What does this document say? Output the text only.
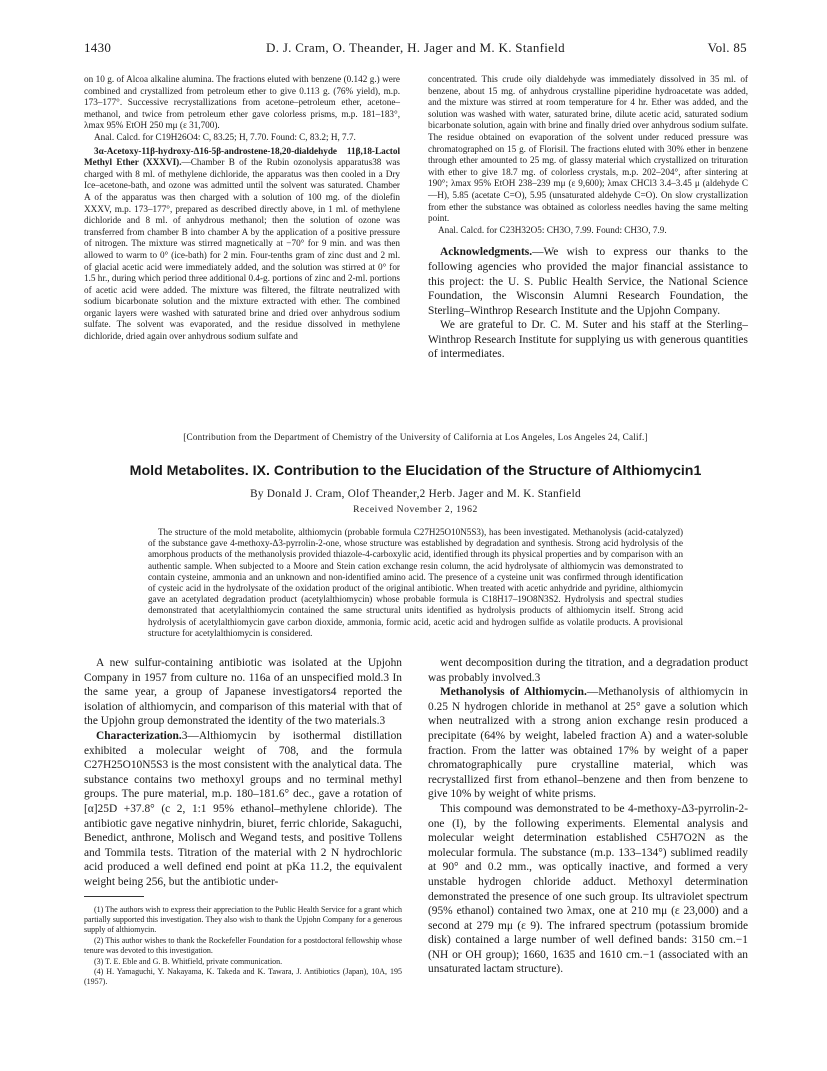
1430	D. J. Cram, O. Theander, H. Jager and M. K. Stanfield	Vol. 85

on 10 g. of Alcoa alkaline alumina. The fractions eluted with benzene (0.142 g.) were combined and crystallized from petroleum ether to give 0.113 g. (76% yield), m.p. 173–177°. Successive recrystallizations from acetone–petroleum ether, acetone–methanol, and twice from petroleum ether gave colorless prisms, m.p. 181–183°, λmax 95% EtOH 250 mμ (ε 31,700).

Anal. Calcd. for C19H26O4: C, 83.25; H, 7.70. Found: C, 83.2; H, 7.7.

3α-Acetoxy-11β-hydroxy-Δ16-5β-androstene-18,20-dialdehyde 11β,18-Lactol Methyl Ether (XXXVI).—Chamber B of the Rubin ozonolysis apparatus38 was charged with 8 ml. of methylene dichloride, the apparatus was then cooled in a Dry Ice–acetone-bath, and ozone was admitted until the solvent was saturated. Chamber A of the apparatus was then charged with a solution of 100 mg. of the diolefin XXXV, m.p. 173–177°, prepared as described directly above, in 1 ml. of methylene dichloride and 8 ml. of anhydrous methanol; then the solution of ozone was transferred from chamber B into chamber A by the application of a positive pressure of nitrogen. The mixture was stirred magnetically at −70° for 9 min. and was then allowed to warm to 0° (ice-bath) for 2 min. Four-tenths gram of zinc dust and 2 ml. of glacial acetic acid were immediately added, and the solution was stirred at 0° for 1.5 hr., during which period three additional 0.4-g. portions of zinc and 2-ml. portions of acetic acid were added. The mixture was filtered, the filtrate neutralized with sodium bicarbonate solution and the mixture extracted with ether. The combined organic layers were washed with saturated brine and dried over anhydrous sodium sulfate. The solvent was evaporated, and the residue dissolved in methylene dichloride, dried again over anhydrous sodium sulfate and

concentrated. This crude oily dialdehyde was immediately dissolved in 35 ml. of benzene, about 15 mg. of anhydrous crystalline piperidine hydroacetate was added, and the mixture was stirred at room temperature for 4 hr. Ether was added, and the solution was washed with water, saturated brine, dilute acetic acid, saturated sodium bicarbonate solution, again with brine and finally dried over anhydrous sodium sulfate. The residue obtained on evaporation of the solvent under reduced pressure was chromatographed on 15 g. of Florisil. The fractions eluted with 30% ether in benzene through ether amounted to 25 mg. of glassy material which crystallized on trituration with ether to give 18.7 mg. of colorless crystals, m.p. 202–204°, after sintering at 190°; λmax 95% EtOH 238–239 mμ (ε 9,600); λmax CHCl3 3.4–3.45 μ (aldehyde C—H), 5.85 (acetate C=O), 5.95 (unsaturated aldehyde C=O). On slow crystallization from ether the substance was obtained as colorless needles having the same melting point.

Anal. Calcd. for C23H32O5: CH3O, 7.99. Found: CH3O, 7.9.

Acknowledgments.—We wish to express our thanks to the following agencies who provided the major financial assistance to this project: the U. S. Public Health Service, the National Science Foundation, the Wisconsin Alumni Research Foundation, the Sterling–Winthrop Research Institute and the Upjohn Company.

We are grateful to Dr. C. M. Suter and his staff at the Sterling–Winthrop Research Institute for supplying us with generous quantities of intermediates.

[Contribution from the Department of Chemistry of the University of California at Los Angeles, Los Angeles 24, Calif.]
Mold Metabolites. IX. Contribution to the Elucidation of the Structure of Althiomycin1
By Donald J. Cram, Olof Theander,2 Herb. Jager and M. K. Stanfield
Received November 2, 1962
The structure of the mold metabolite, althiomycin (probable formula C27H25O10N5S3), has been investigated. Methanolysis (acid-catalyzed) of the substance gave 4-methoxy-Δ3-pyrrolin-2-one, whose structure was established by degradation and synthesis. Strong acid hydrolysis of the amorphous products of the methanolysis provided thiazole-4-carboxylic acid, identified through its physical properties and by comparison with an authentic sample. When subjected to a Moore and Stein cation exchange resin column, the acid hydrolysate of althiomycin was demonstrated to contain cysteine, ammonia and an unknown and non-identified amino acid. The presence of a cysteine unit was confirmed through identification of cysteic acid in the hydrolysate of the oxidation product of the original antibiotic. When treated with acetic anhydride and pyridine, althiomycin gave an acetylated degradation product (acetylalthiomycin) whose probable formula is C18H17–19O8N3S2. Hydrolysis and spectral studies demonstrated that acetylalthiomycin contained the same structural units identified as hydrolysis products of althiomycin itself. Strong acid hydrolysis of acetylalthiomycin gave carbon dioxide, ammonia, formic acid, acetic acid and hydrogen sulfide as volatile products. A provisional structure for acetylalthiomycin is considered.

A new sulfur-containing antibiotic was isolated at the Upjohn Company in 1957 from culture no. 116a of an unspecified mold.3 In the same year, a group of Japanese investigators4 reported the isolation of althiomycin, and comparison of this material with that of the Upjohn group demonstrated the identity of the two materials.3

Characterization.3—Althiomycin by isothermal distillation exhibited a molecular weight of 708, and the formula C27H25O10N5S3 is the most consistent with the analytical data. The substance contains two methoxyl groups and no terminal methyl groups. The pure material, m.p. 180–181.6° dec., gave a rotation of [α]25D +37.8° (c 2, 1:1 95% ethanol–methylene chloride). The antibiotic gave negative ninhydrin, biuret, ferric chloride, Sakaguchi, Benedict, anthrone, Molisch and Wegand tests, and positive Tollens and Tommila tests. Titration of the material with 2 N hydrochloric acid produced a well defined end point at pKa 11.2, the equivalent weight being 256, but the antibiotic under-

(1) The authors wish to express their appreciation to the Public Health Service for a grant which partially supported this investigation. They also wish to thank the Upjohn Company for a generous supply of althiomycin.

(2) This author wishes to thank the Rockefeller Foundation for a postdoctoral fellowship whose tenure was devoted to this investigation.

(3) T. E. Eble and G. B. Whitfield, private communication.

(4) H. Yamaguchi, Y. Nakayama, K. Takeda and K. Tawara, J. Antibiotics (Japan), 10A, 195 (1957).

went decomposition during the titration, and a degradation product was probably involved.3

Methanolysis of Althiomycin.—Methanolysis of althiomycin in 0.25 N hydrogen chloride in methanol at 25° gave a solution which when neutralized with a strong anion exchange resin produced a precipitate (64% by weight, labeled fraction A) and a water-soluble fraction. From the latter was obtained 17% by weight of a paper chromatographically pure crystalline material, which was recrystallized first from ethanol–benzene and then from benzene to give 10% by weight of white prisms.

This compound was demonstrated to be 4-methoxy-Δ3-pyrrolin-2-one (I), by the following experiments. Elemental analysis and molecular weight determination established C5H7O2N as the molecular formula. The substance (m.p. 133–134°) sublimed readily at 90° and 0.2 mm., was optically inactive, and formed a very unstable hydrogen chloride adduct. Methoxyl determination demonstrated the presence of one such group. Its ultraviolet spectrum (95% ethanol) contained two λmax, one at 210 mμ (ε 23,000) and a second at 279 mμ (ε 9). The infrared spectrum (potassium bromide disk) contained a large number of well defined bands: 3150 cm.−1 (NH or OH group); 1660, 1635 and 1610 cm.−1 (associated with an unsaturated lactam structure).
